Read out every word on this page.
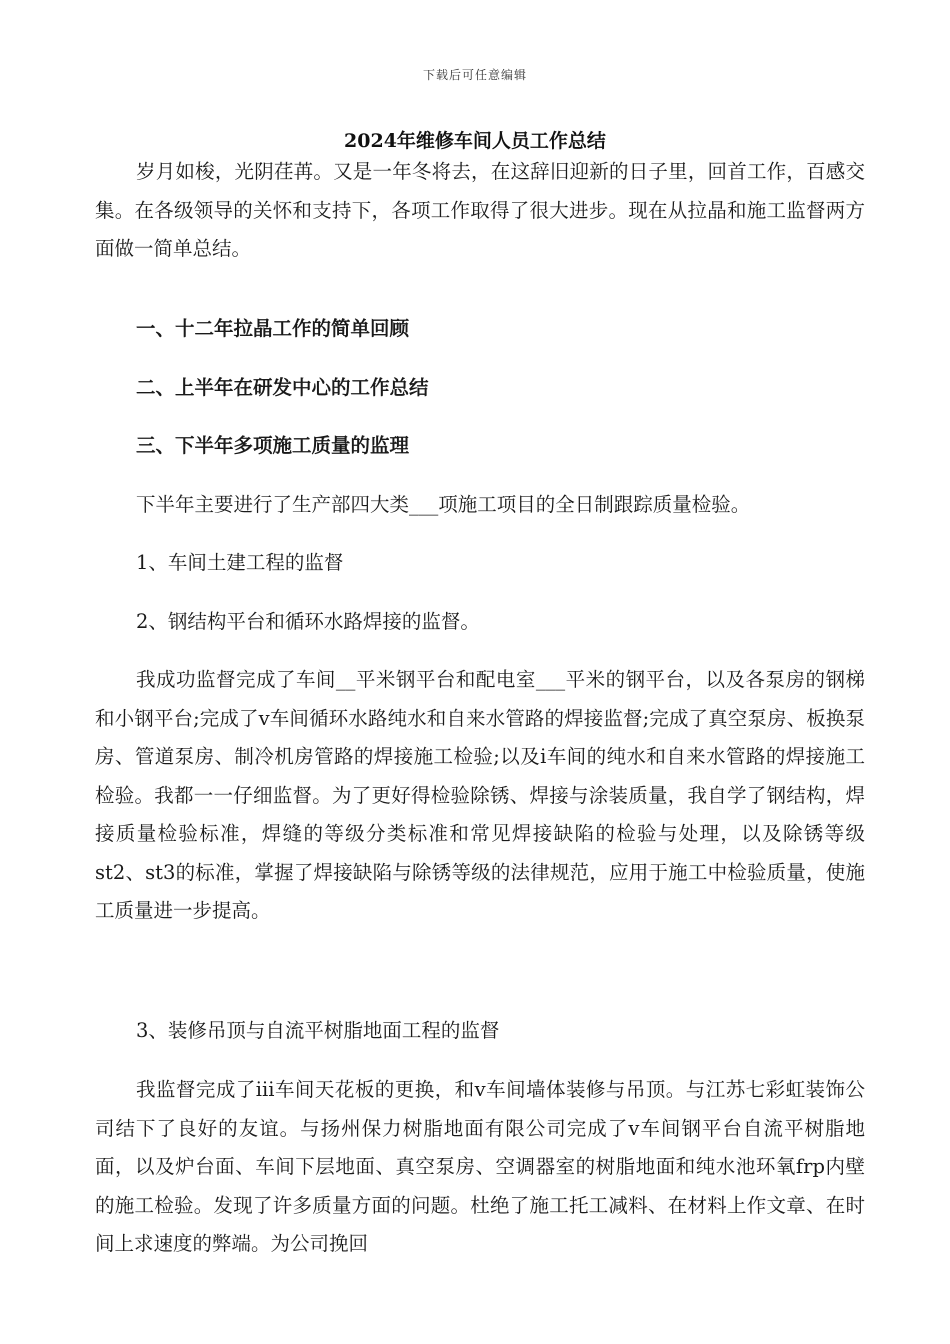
下载后可任意编辑
2024年维修车间人员工作总结

岁月如梭，光阴荏苒。又是一年冬将去，在这辞旧迎新的日子里，回首工作，百感交集。在各级领导的关怀和支持下，各项工作取得了很大进步。现在从拉晶和施工监督两方面做一简单总结。

一、十二年拉晶工作的简单回顾

二、上半年在研发中心的工作总结

三、下半年多项施工质量的监理

下半年主要进行了生产部四大类___项施工项目的全日制跟踪质量检验。

1、车间土建工程的监督

2、钢结构平台和循环水路焊接的监督。

我成功监督完成了车间__平米钢平台和配电室___平米的钢平台，以及各泵房的钢梯和小钢平台;完成了v车间循环水路纯水和自来水管路的焊接监督;完成了真空泵房、板换泵房、管道泵房、制冷机房管路的焊接施工检验;以及i车间的纯水和自来水管路的焊接施工检验。我都一一仔细监督。为了更好得检验除锈、焊接与涂装质量，我自学了钢结构，焊接质量检验标准，焊缝的等级分类标准和常见焊接缺陷的检验与处理，以及除锈等级st2、st3的标准，掌握了焊接缺陷与除锈等级的法律规范，应用于施工中检验质量，使施工质量进一步提高。

3、装修吊顶与自流平树脂地面工程的监督

我监督完成了iii车间天花板的更换，和v车间墙体装修与吊顶。与江苏七彩虹装饰公司结下了良好的友谊。与扬州保力树脂地面有限公司完成了v车间钢平台自流平树脂地面，以及炉台面、车间下层地面、真空泵房、空调器室的树脂地面和纯水池环氧frp内壁的施工检验。发现了许多质量方面的问题。杜绝了施工托工减料、在材料上作文章、在时间上求速度的弊端。为公司挽回
